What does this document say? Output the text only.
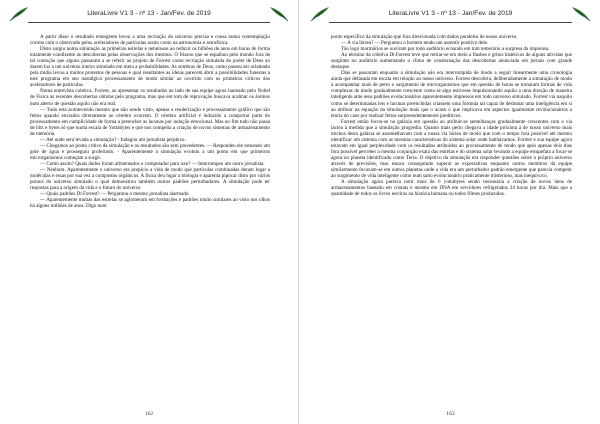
LiteraLivre V1 3 - nº 13 - Jan/Fev. de 2019

A partir disso o resultado emergente levou a uma recriação do universo precisa e coesa numa contemplação correta com o observado pelos aceleradores de partículas assim como na astronomia e astrofísica.

Disto surgiu numa simulação as primeiras estrelas e nebulosas ao reduzir os bilhões de anos em horas de forma totalmente condizente as descobertas pelas observações dos mesmos. O frisson que se espalhou pelo mundo fora de tal comoção que alguns passaram a se referir ao projeto de Forrest como recriação simulada do poder de Deus ao darem luz a um universo inteiro simulado em meio a probabilidades. As sombras de Deus, como passou ser aclamado pela mídia levou a muitos protestos de pessoas e qual resultantes as ideias parecem abrir a possibilidades funestas a este programa em seu nostálgico processamento de modo similar ao ocorrido com os primeiros críticos dos aceleradores de partículas.

Numa entrevista coletiva, Forrest, ao apresentar os resultados ao lado de sua equipe agora laureado pelo Nobel de Física as recentes descobertas obtidas pelo programa, mas que em tom de reprovação buscava acalmar os ânimos num aberto de questão aquilo não era real.

— Tudo está acontecendo mesmo que não sendo visto, apenas a renderização e processamento gráfico que são feitos quando enviados diretamente ao cérebro ocorrem. O cérebro artificial é induzido a comportar parte do processamento em cumplicidade de forma a preencher as lacunas por indução emocional. Mas no fim tudo não passa de bits e bytes só que numa escala de Yottabytes e que nos compelia a criação de novos sistemas de armazenamento de memória.

— Até onde será levada a simulação? - Indagou um jornalista perplexo.

— Chegamos ao ponto crítico da simulação e os resultados são sem precedentes. — Respondeu ele tomando um gole de água e prosseguiu proferindo. - Aparentemente a simulação evoluiu a um ponto em que primeiros microrganismos começam a surgir.

— Como assim? Quais dados foram alimentados o computador para isso? — Interrompeu um outro jornalista.

— Nenhum. Aparentemente o universo era propício a vida de modo que partículas combinadas deram lugar a moléculas e essas por sua vez a compostos orgânicos. A física deu lugar a biologia e aparenta pipocar disto por vários pontos do universo simulado o qual demonstrou também outros padrões perturbadores. A simulação pode ter respostas para a origem da vida e o futuro do universo.

— Quais padrões Dr.Forrest? — Perguntou o mesmo jornalista alarmado.

— Aparentemente muitas das estrelas se aglomeram em formações e padrões muito similares ao visto nos olhos há alguns milhões de anos. Digo num

162
LiteraLivre V1 3 - nº 13 - Jan/Fev. de 2019

ponto específico da simulação que fora direcionada com dados paralelos de nosso universo.

— A via láctea? — Perguntou o homem tendo um assentir positivo dele.

Tão logo murmúrios se ouviram por todo auditório ecoando em tom temerário a surpresa da imprensa.

Ao término da coletiva Dr.Forrest teve que retirar-se em meio a flashes e gritos histéricos de alguns ativistas que surgiram no auditório aumentando o clima de consternação das descobertas anunciada em jornais com grande destaque.

Dias se passaram enquanto a simulação não era interrompida de modo a seguir linearmente uma cronologia ainda que defasada em escala em relação ao nosso universo. Forrest descobriu, deliberadamente a simulação de modo a acompanhar mais de perto o surgimento de microrganismos que em questão de horas se tornaram formas de vida complexas de modo gradualmente crescente como se algo estivesse impulsionando aquilo a uma direção de maneira inteligente ante seus padrões evolucionários aparentemente impressos em todo universo simulado. Forrest via naquilo como se determinadas leis e lacunas preenchidas criassem uma fórmula tal capaz de desbuhar uma inteligência em si ao atribuir na equação da simulação mais que o acaso o que implicava em aspectos igualmente revolucionários a teoria do caos por realizar feitos surpreendentemente preditivos.

Forrest então focou-se na galáxia em questão ao atribuir-se semelhanças gradualmente crescentes com a via láctea à medida que a simulação progredia. Quanto mais perto chegava a idade próxima a de nosso universo mais trechos desta galáxia se assemelhavam com a nossa via láctea de modo que com o tempo fora possível até mesmo identificar um sistema com as mesmas características do sistema solar onde habitávamos. Forrest e sua equipe agora estavam em igual perplexidade com os resultados atribuídos ao processamento de modo que após apenas dois dias fora possível perceber a mesma conjunção exata das estrelas e do sistema solar levando a equipe estupefata a focar-se agora no planeta identificado como Terra. O objetivo da simulação era responder questões sobre o próprio universo através de previsões, mas estava conseguindo superar as expectativas enquanto outros membros da equipe similarmente focavam-se em outros planetas onde a vida era um perturbador padrão emergente que parecia competir ao surgimento de vida inteligente como num salto evolucionário praticamente misterioso, mas inequívoco.

A simulação agora parecia notir mais de 6 yottabytes sendo necessária a criação de novos itens de armazenamentos baseado em cristais e mesmo em DNA em servidores refrigerados 24 horas por dia. Mais que a quantidade de todos os livros escritos na história humana ou todos filmes produzidos.

163
